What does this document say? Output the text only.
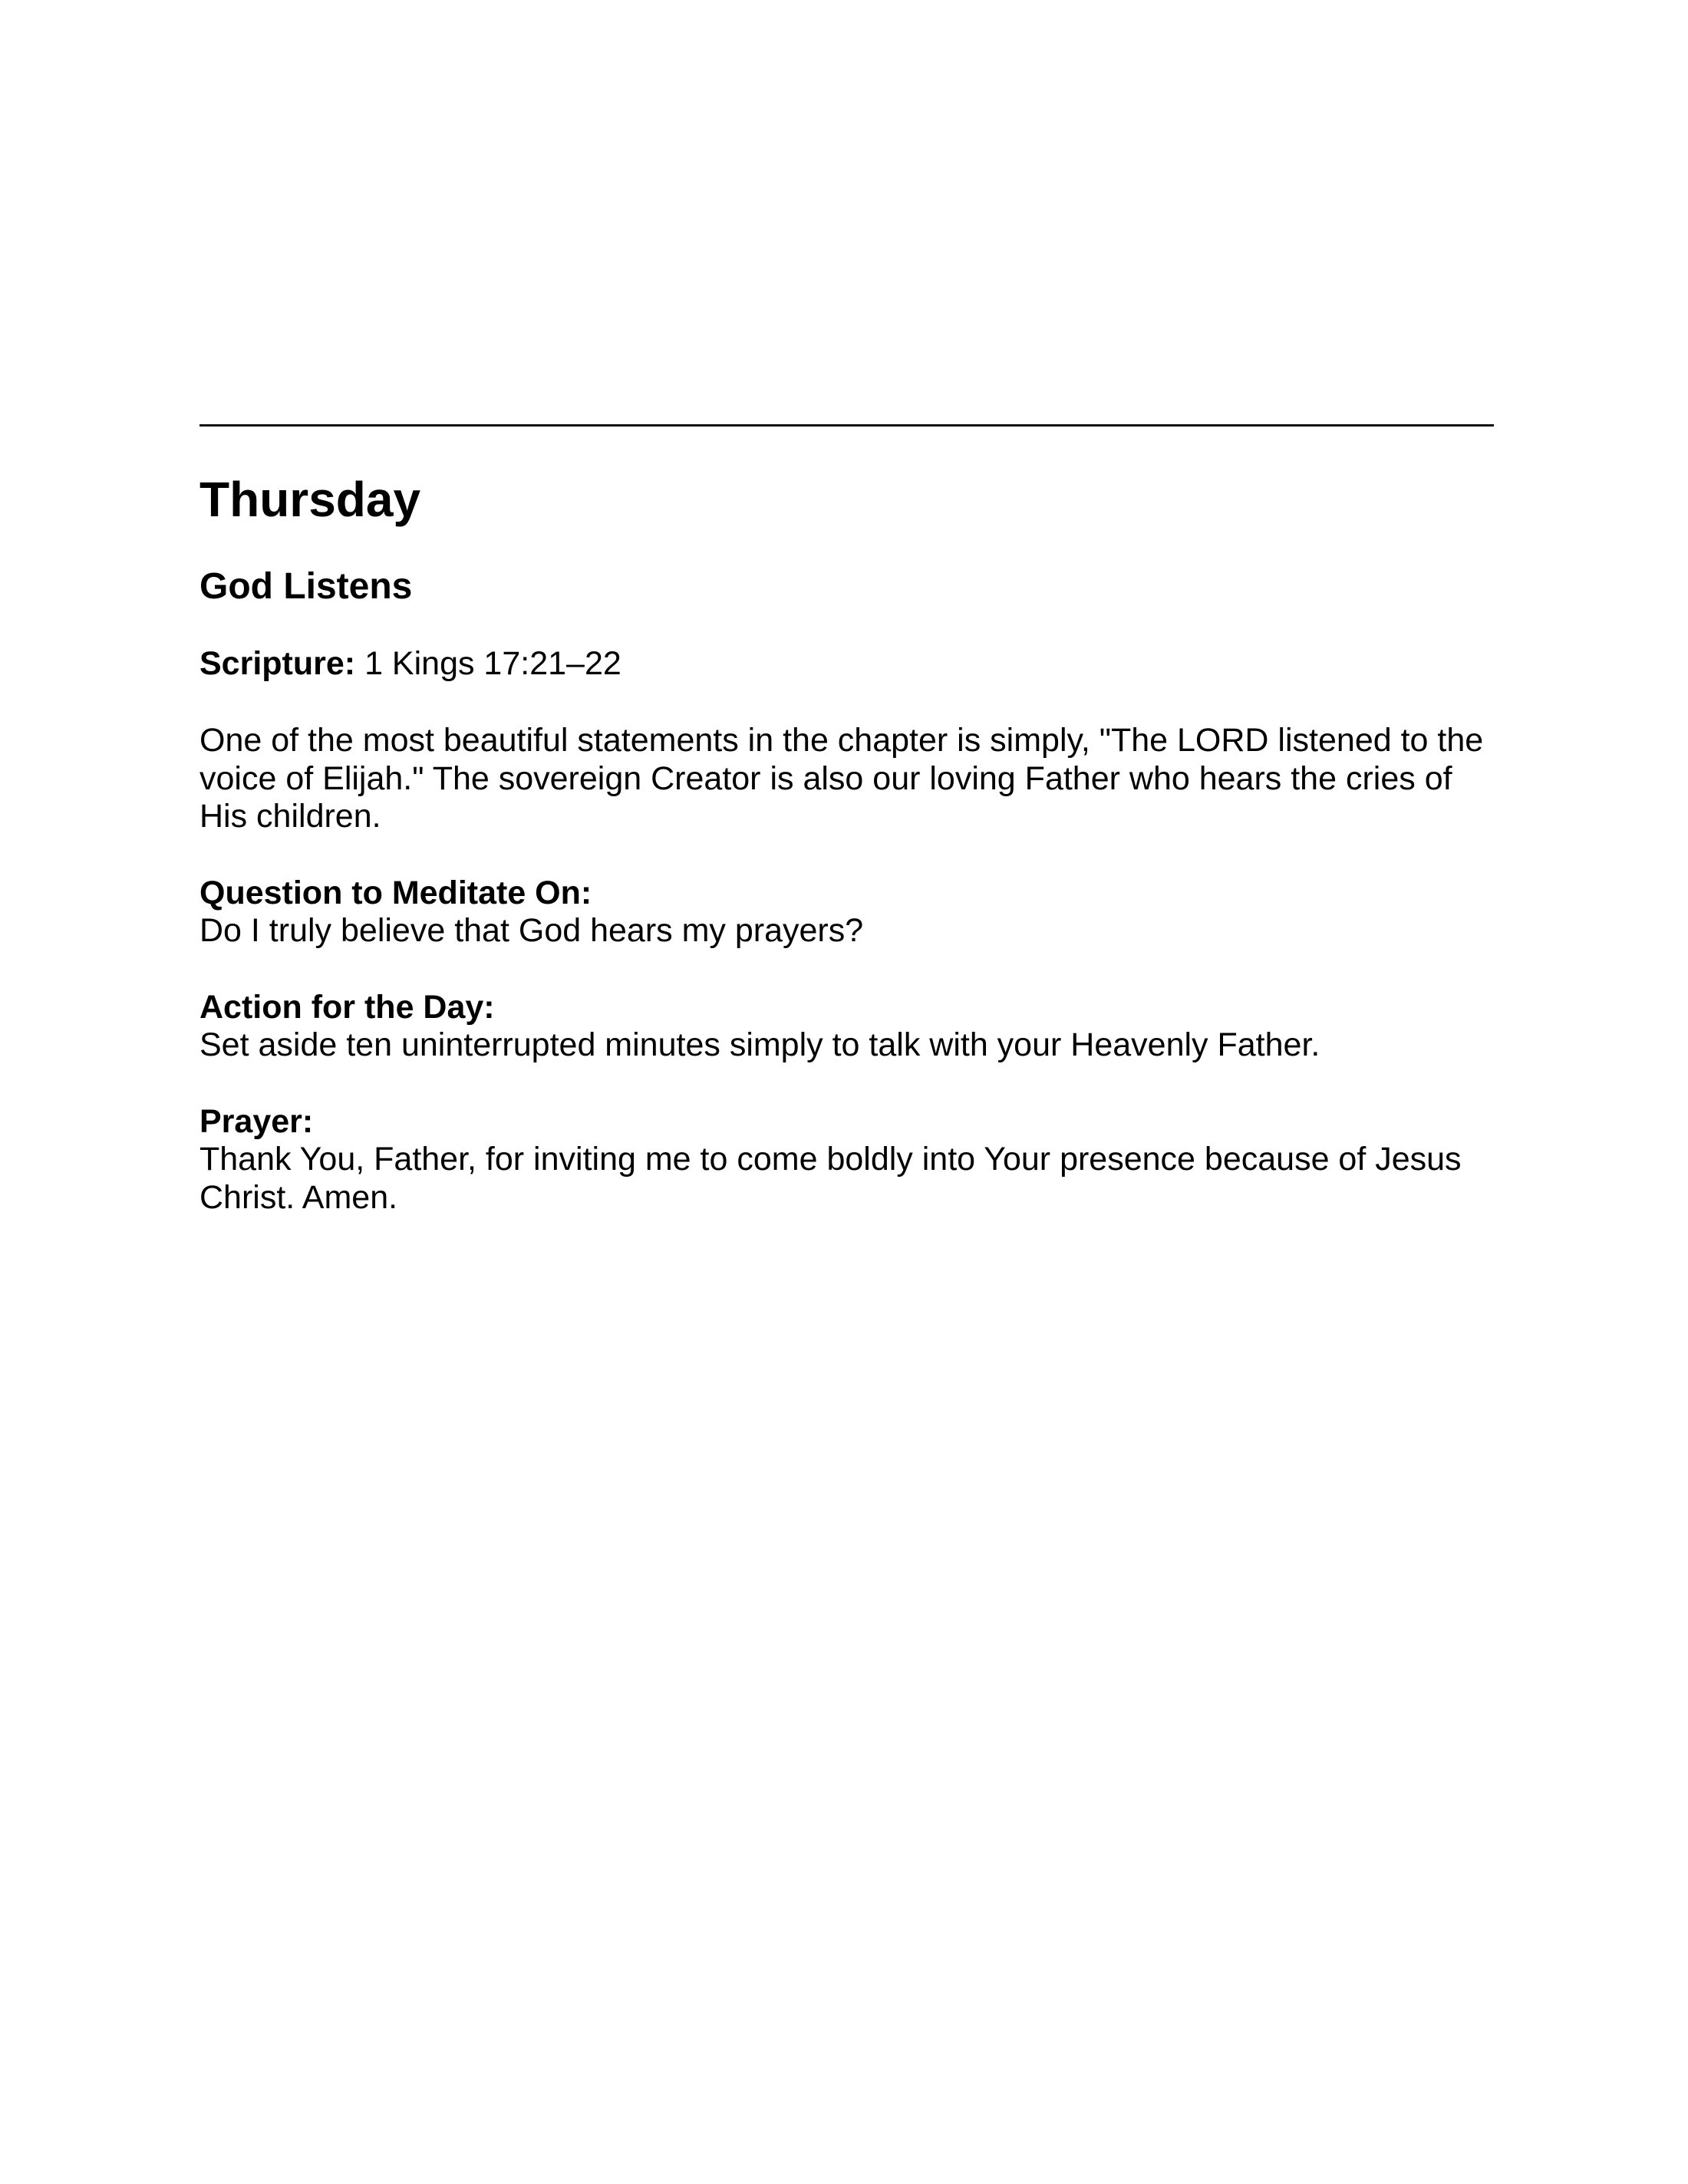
Thursday
God Listens

Scripture: 1 Kings 17:21–22

One of the most beautiful statements in the chapter is simply, "The LORD listened to the voice of Elijah." The sovereign Creator is also our loving Father who hears the cries of His children.

Question to Meditate On:
Do I truly believe that God hears my prayers?
Action for the Day:
Set aside ten uninterrupted minutes simply to talk with your Heavenly Father.
Prayer:
Thank You, Father, for inviting me to come boldly into Your presence because of Jesus Christ. Amen.
